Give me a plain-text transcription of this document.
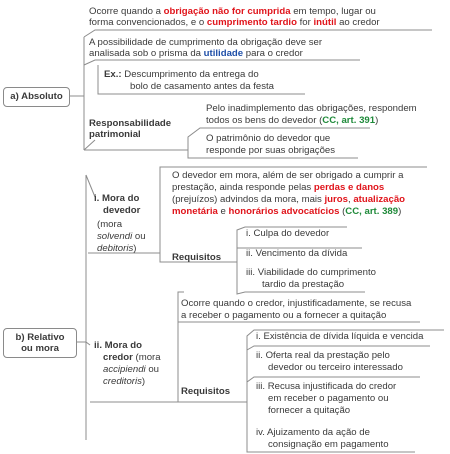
a) Absoluto
b) Relativo
ou mora
Ocorre quando a obrigação não for cumprida em tempo, lugar ou
forma convencionados, e o cumprimento tardio for inútil ao credor
A possibilidade de cumprimento da obrigação deve ser
analisada sob o prisma da utilidade para o credor
Ex.: Descumprimento da entrega do
bolo de casamento antes da festa
Responsabilidade
patrimonial
Pelo inadimplemento das obrigações, respondem
todos os bens do devedor (CC, art. 391)
O patrimônio do devedor que
responde por suas obrigações
i. Mora do
devedor
(mora
solvendi ou
debitoris)
O devedor em mora, além de ser obrigado a cumprir a
prestação, ainda responde pelas perdas e danos
(prejuízos) advindos da mora, mais juros, atualização
monetária e honorários advocatícios (CC, art. 389)
Requisitos
i. Culpa do devedor
ii. Vencimento da dívida
iii. Viabilidade do cumprimento
tardio da prestação
ii. Mora do
credor (mora
accipiendi ou
creditoris)
Ocorre quando o credor, injustificadamente, se recusa
a receber o pagamento ou a fornecer a quitação
Requisitos
i. Existência de dívida líquida e vencida
ii. Oferta real da prestação pelo
devedor ou terceiro interessado
iii. Recusa injustificada do credor
em receber o pagamento ou
fornecer a quitação
iv. Ajuizamento da ação de
consignação em pagamento
